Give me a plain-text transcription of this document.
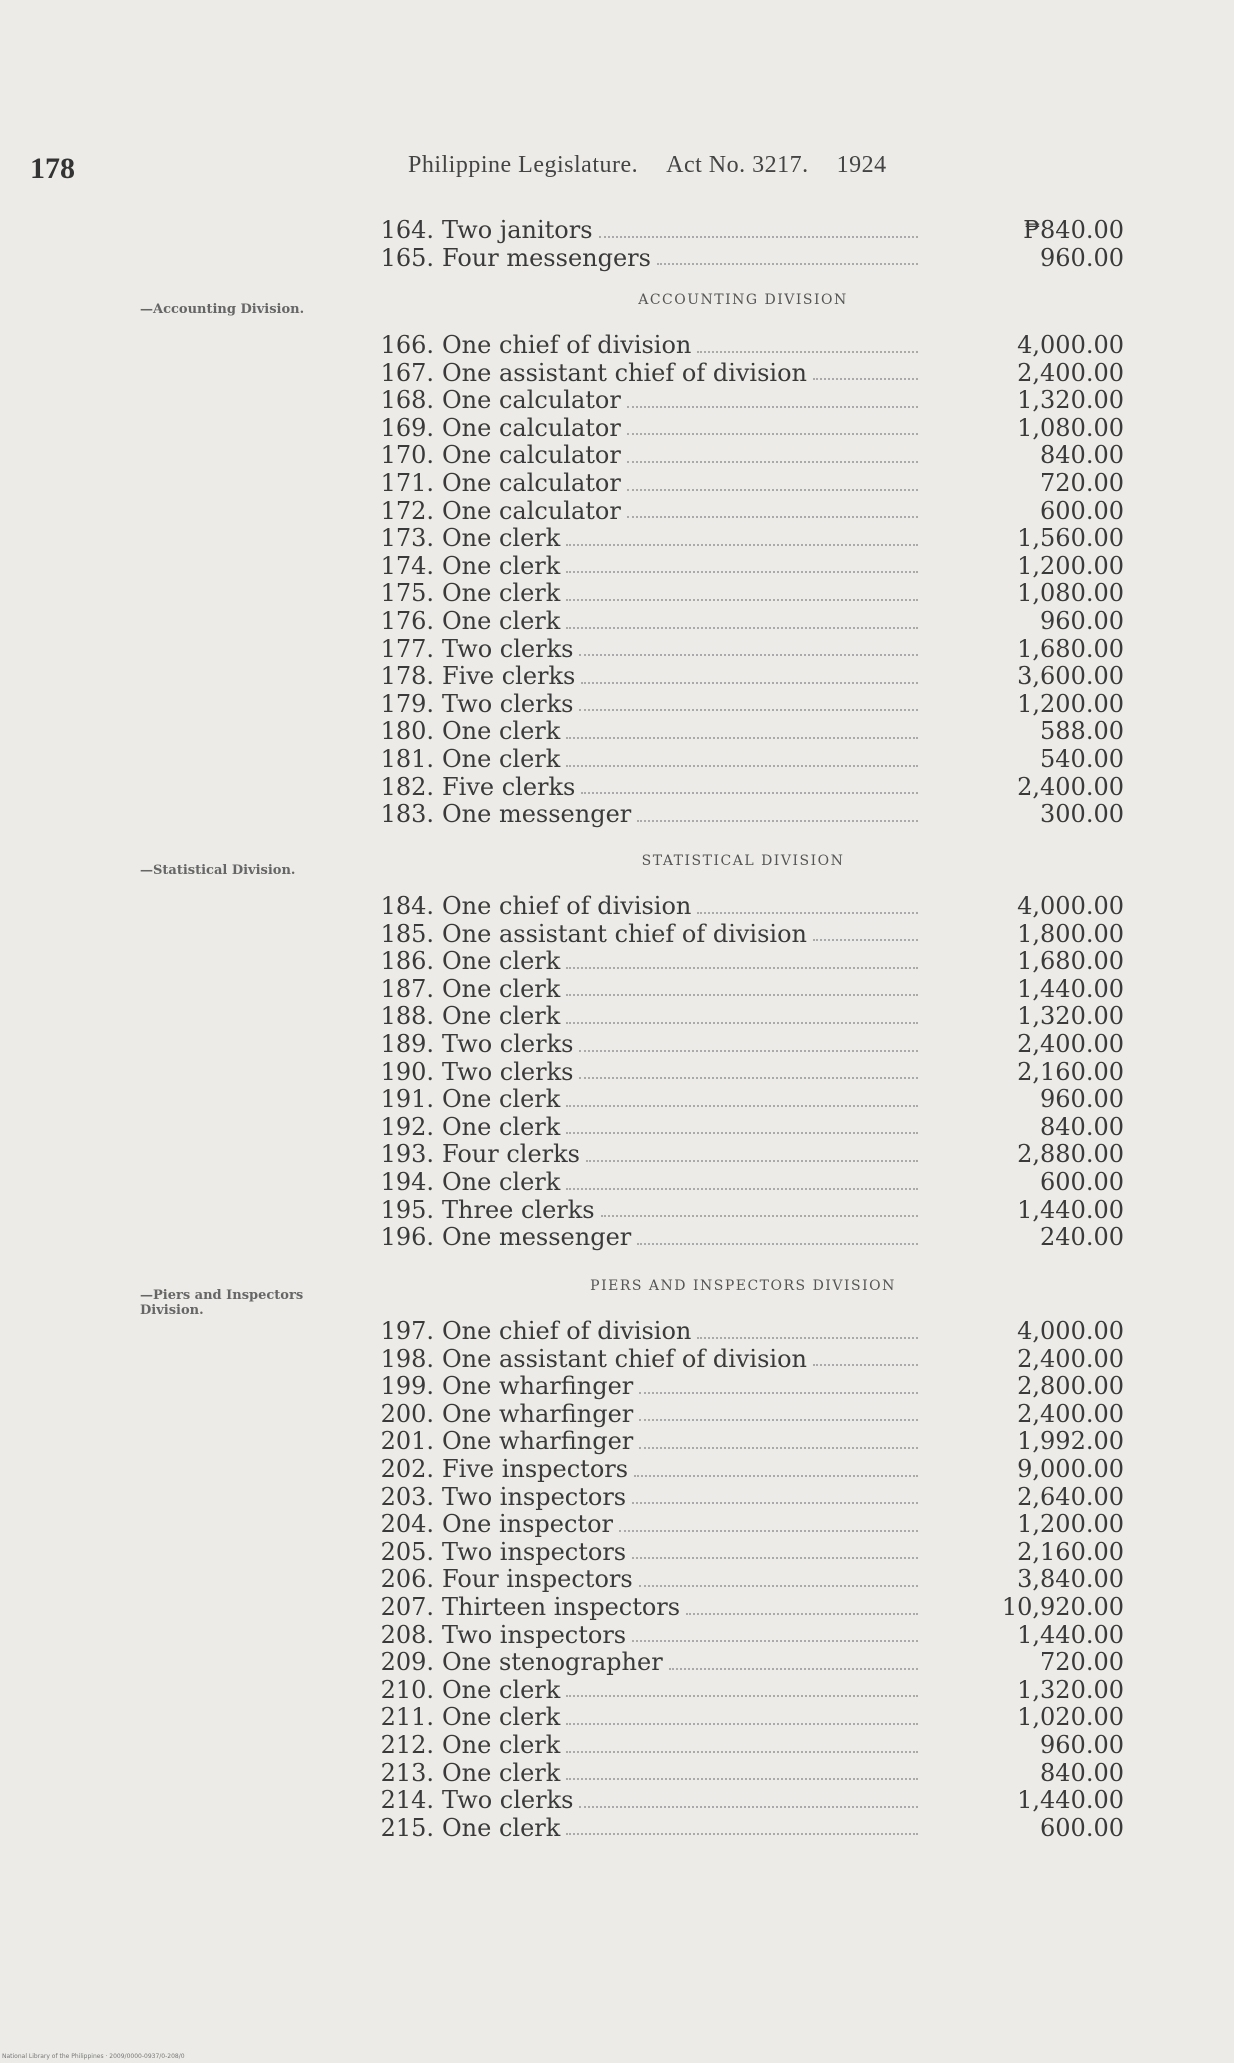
178	Philippine Legislature. Act No. 3217. 1924
164. Two janitors	₱840.00
165. Four messengers	960.00
ACCOUNTING DIVISION
—Accounting Division.
166. One chief of division	4,000.00
167. One assistant chief of division	2,400.00
168. One calculator	1,320.00
169. One calculator	1,080.00
170. One calculator	840.00
171. One calculator	720.00
172. One calculator	600.00
173. One clerk	1,560.00
174. One clerk	1,200.00
175. One clerk	1,080.00
176. One clerk	960.00
177. Two clerks	1,680.00
178. Five clerks	3,600.00
179. Two clerks	1,200.00
180. One clerk	588.00
181. One clerk	540.00
182. Five clerks	2,400.00
183. One messenger	300.00
STATISTICAL DIVISION
—Statistical Division.
184. One chief of division	4,000.00
185. One assistant chief of division	1,800.00
186. One clerk	1,680.00
187. One clerk	1,440.00
188. One clerk	1,320.00
189. Two clerks	2,400.00
190. Two clerks	2,160.00
191. One clerk	960.00
192. One clerk	840.00
193. Four clerks	2,880.00
194. One clerk	600.00
195. Three clerks	1,440.00
196. One messenger	240.00
PIERS AND INSPECTORS DIVISION
—Piers and Inspectors Division.
197. One chief of division	4,000.00
198. One assistant chief of division	2,400.00
199. One wharfinger	2,800.00
200. One wharfinger	2,400.00
201. One wharfinger	1,992.00
202. Five inspectors	9,000.00
203. Two inspectors	2,640.00
204. One inspector	1,200.00
205. Two inspectors	2,160.00
206. Four inspectors	3,840.00
207. Thirteen inspectors	10,920.00
208. Two inspectors	1,440.00
209. One stenographer	720.00
210. One clerk	1,320.00
211. One clerk	1,020.00
212. One clerk	960.00
213. One clerk	840.00
214. Two clerks	1,440.00
215. One clerk	600.00
National Library of the Philippines · 2009/0000-0937/0-208/0
